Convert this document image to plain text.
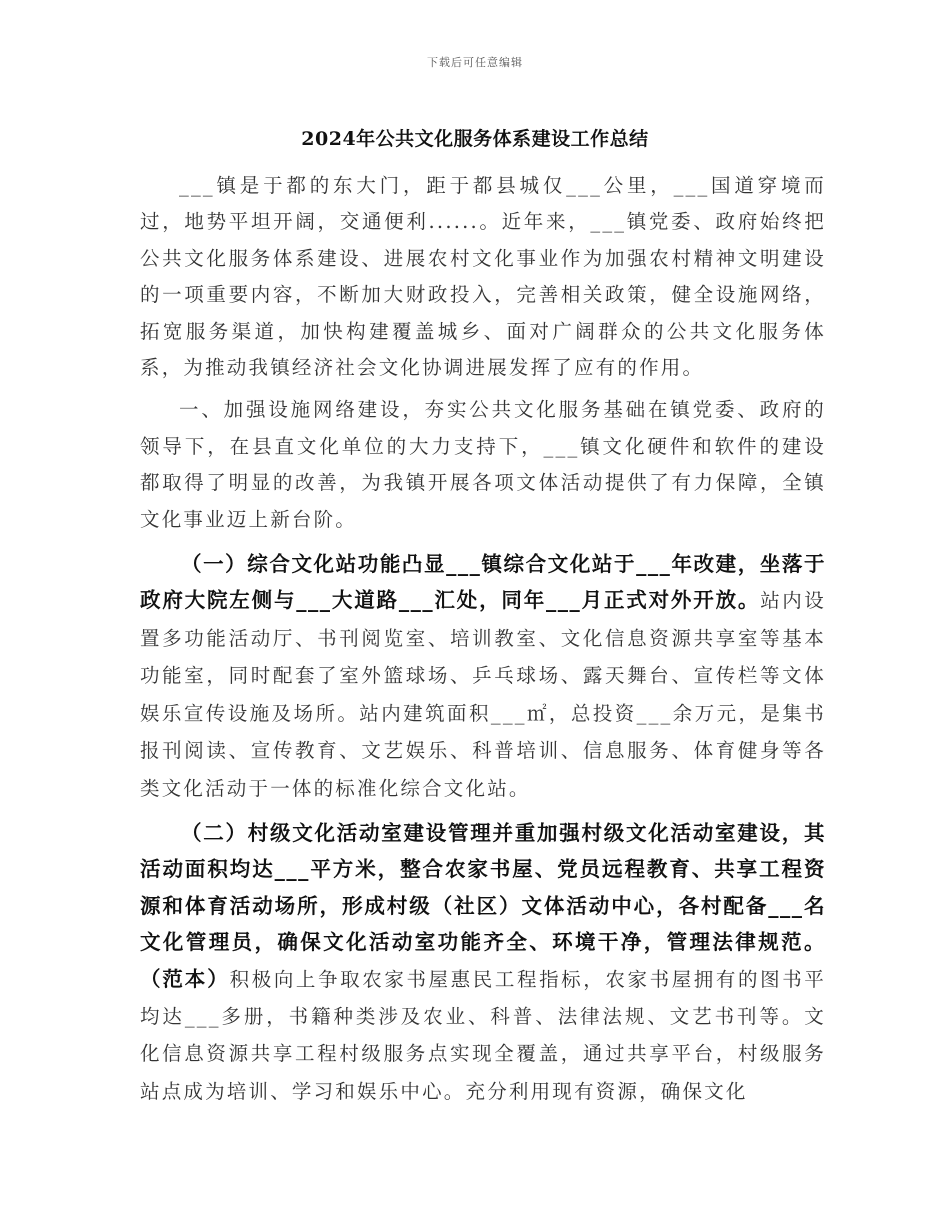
下载后可任意编辑
2024年公共文化服务体系建设工作总结

___镇是于都的东大门，距于都县城仅___公里，___国道穿境而过，地势平坦开阔，交通便利......。近年来，___镇党委、政府始终把公共文化服务体系建设、进展农村文化事业作为加强农村精神文明建设的一项重要内容，不断加大财政投入，完善相关政策，健全设施网络，拓宽服务渠道，加快构建覆盖城乡、面对广阔群众的公共文化服务体系，为推动我镇经济社会文化协调进展发挥了应有的作用。

一、加强设施网络建设，夯实公共文化服务基础在镇党委、政府的领导下，在县直文化单位的大力支持下，___镇文化硬件和软件的建设都取得了明显的改善，为我镇开展各项文体活动提供了有力保障，全镇文化事业迈上新台阶。

（一）综合文化站功能凸显___镇综合文化站于___年改建，坐落于政府大院左侧与___大道路___汇处，同年___月正式对外开放。站内设置多功能活动厅、书刊阅览室、培训教室、文化信息资源共享室等基本功能室，同时配套了室外篮球场、乒乓球场、露天舞台、宣传栏等文体娱乐宣传设施及场所。站内建筑面积___㎡，总投资___余万元，是集书报刊阅读、宣传教育、文艺娱乐、科普培训、信息服务、体育健身等各类文化活动于一体的标准化综合文化站。

（二）村级文化活动室建设管理并重加强村级文化活动室建设，其活动面积均达___平方米，整合农家书屋、党员远程教育、共享工程资源和体育活动场所，形成村级（社区）文体活动中心，各村配备___名文化管理员，确保文化活动室功能齐全、环境干净，管理法律规范。（范本）积极向上争取农家书屋惠民工程指标，农家书屋拥有的图书平均达___多册，书籍种类涉及农业、科普、法律法规、文艺书刊等。文化信息资源共享工程村级服务点实现全覆盖，通过共享平台，村级服务站点成为培训、学习和娱乐中心。充分利用现有资源，确保文化
